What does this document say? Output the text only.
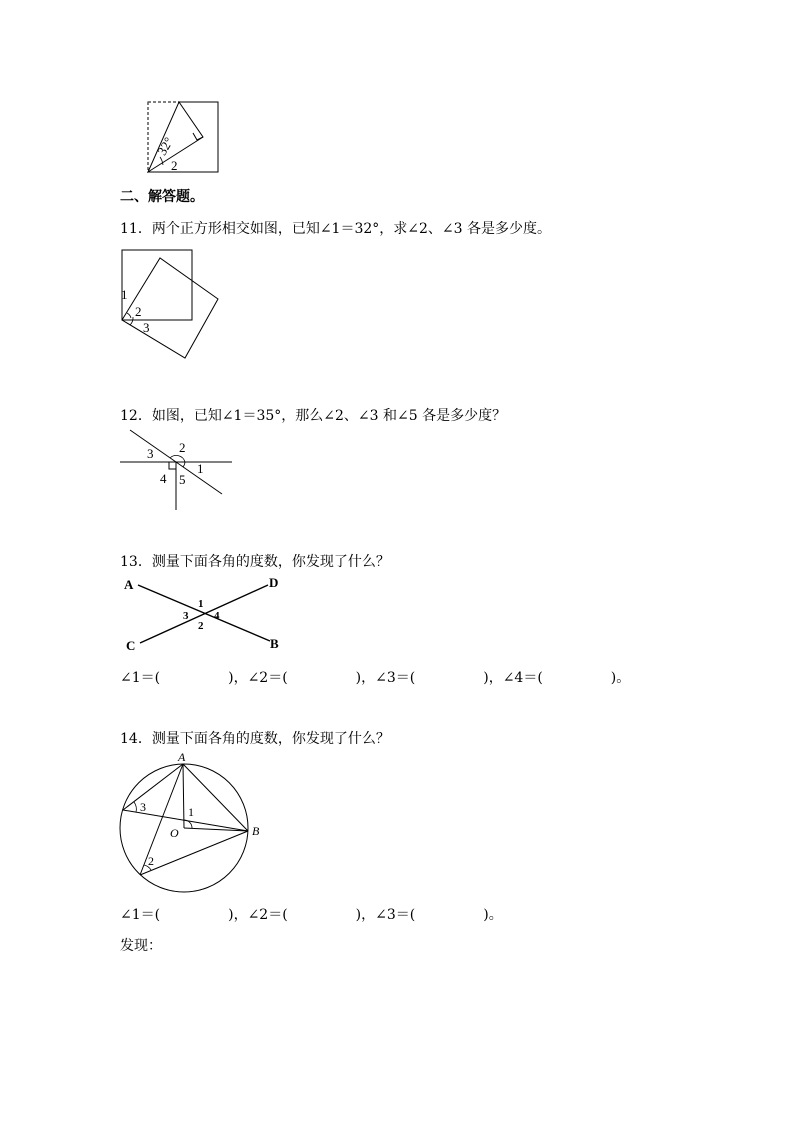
32°
2
二、解答题。
11．两个正方形相交如图，已知∠1＝32°，求∠2、∠3 各是多少度。
1
2
3
12．如图，已知∠1＝35°，那么∠2、∠3 和∠5 各是多少度？
3 2
1
4 5
13．测量下面各角的度数，你发现了什么？
A	D
C	B
1
2
3 4
∠1＝(	)，∠2＝(	)，∠3＝(	)，∠4＝(	)。
14．测量下面各角的度数，你发现了什么？
A
B
O
1
2
3
∠1＝(	)，∠2＝(	)，∠3＝(	)。
发现：
